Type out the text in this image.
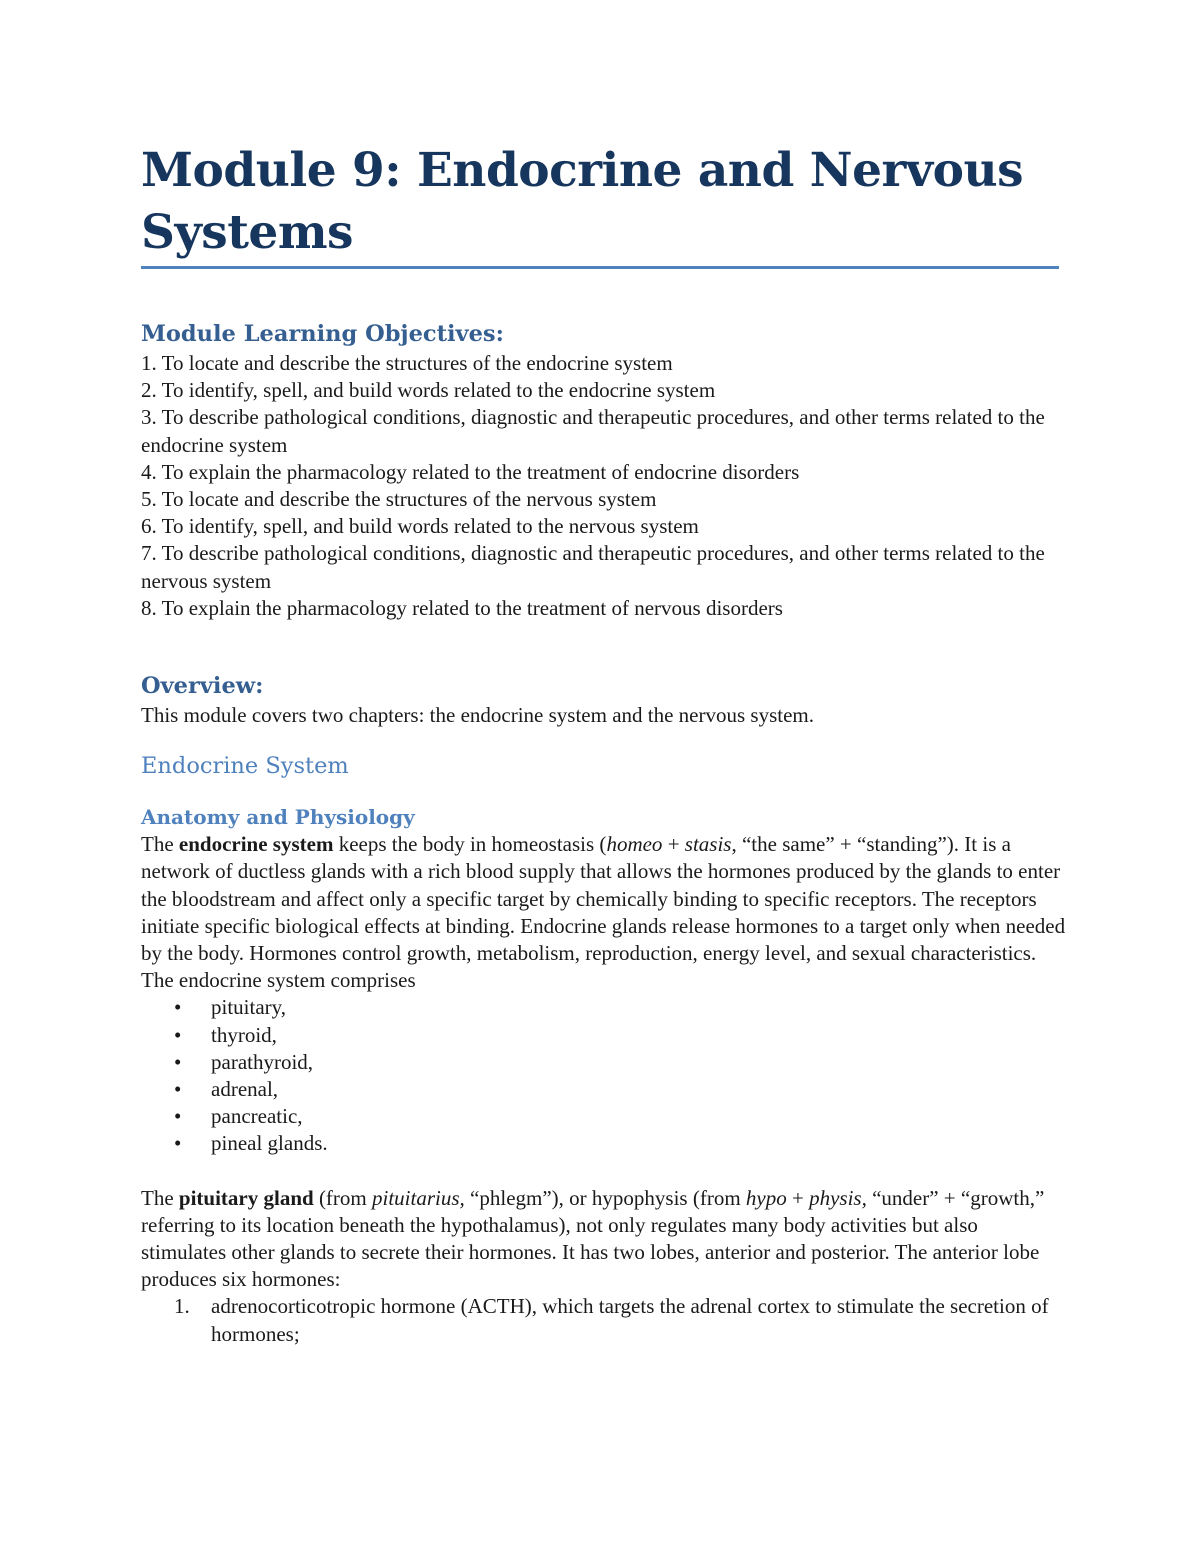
Module 9: Endocrine and Nervous Systems
Module Learning Objectives:

1. To locate and describe the structures of the endocrine system

2. To identify, spell, and build words related to the endocrine system

3. To describe pathological conditions, diagnostic and therapeutic procedures, and other terms related to the endocrine system

4. To explain the pharmacology related to the treatment of endocrine disorders

5. To locate and describe the structures of the nervous system

6. To identify, spell, and build words related to the nervous system

7. To describe pathological conditions, diagnostic and therapeutic procedures, and other terms related to the nervous system

8. To explain the pharmacology related to the treatment of nervous disorders

Overview:

This module covers two chapters: the endocrine system and the nervous system.

Endocrine System
Anatomy and Physiology

The endocrine system keeps the body in homeostasis (homeo + stasis, “the same” + “standing”). It is a network of ductless glands with a rich blood supply that allows the hormones produced by the glands to enter the bloodstream and affect only a specific target by chemically binding to specific receptors. The receptors initiate specific biological effects at binding. Endocrine glands release hormones to a target only when needed by the body. Hormones control growth, metabolism, reproduction, energy level, and sexual characteristics. The endocrine system comprises

• pituitary,
• thyroid,
• parathyroid,
• adrenal,
• pancreatic,
• pineal glands.

The pituitary gland (from pituitarius, “phlegm”), or hypophysis (from hypo + physis, “under” + “growth,” referring to its location beneath the hypothalamus), not only regulates many body activities but also stimulates other glands to secrete their hormones. It has two lobes, anterior and posterior. The anterior lobe produces six hormones:

1. adrenocorticotropic hormone (ACTH), which targets the adrenal cortex to stimulate the secretion of hormones;
